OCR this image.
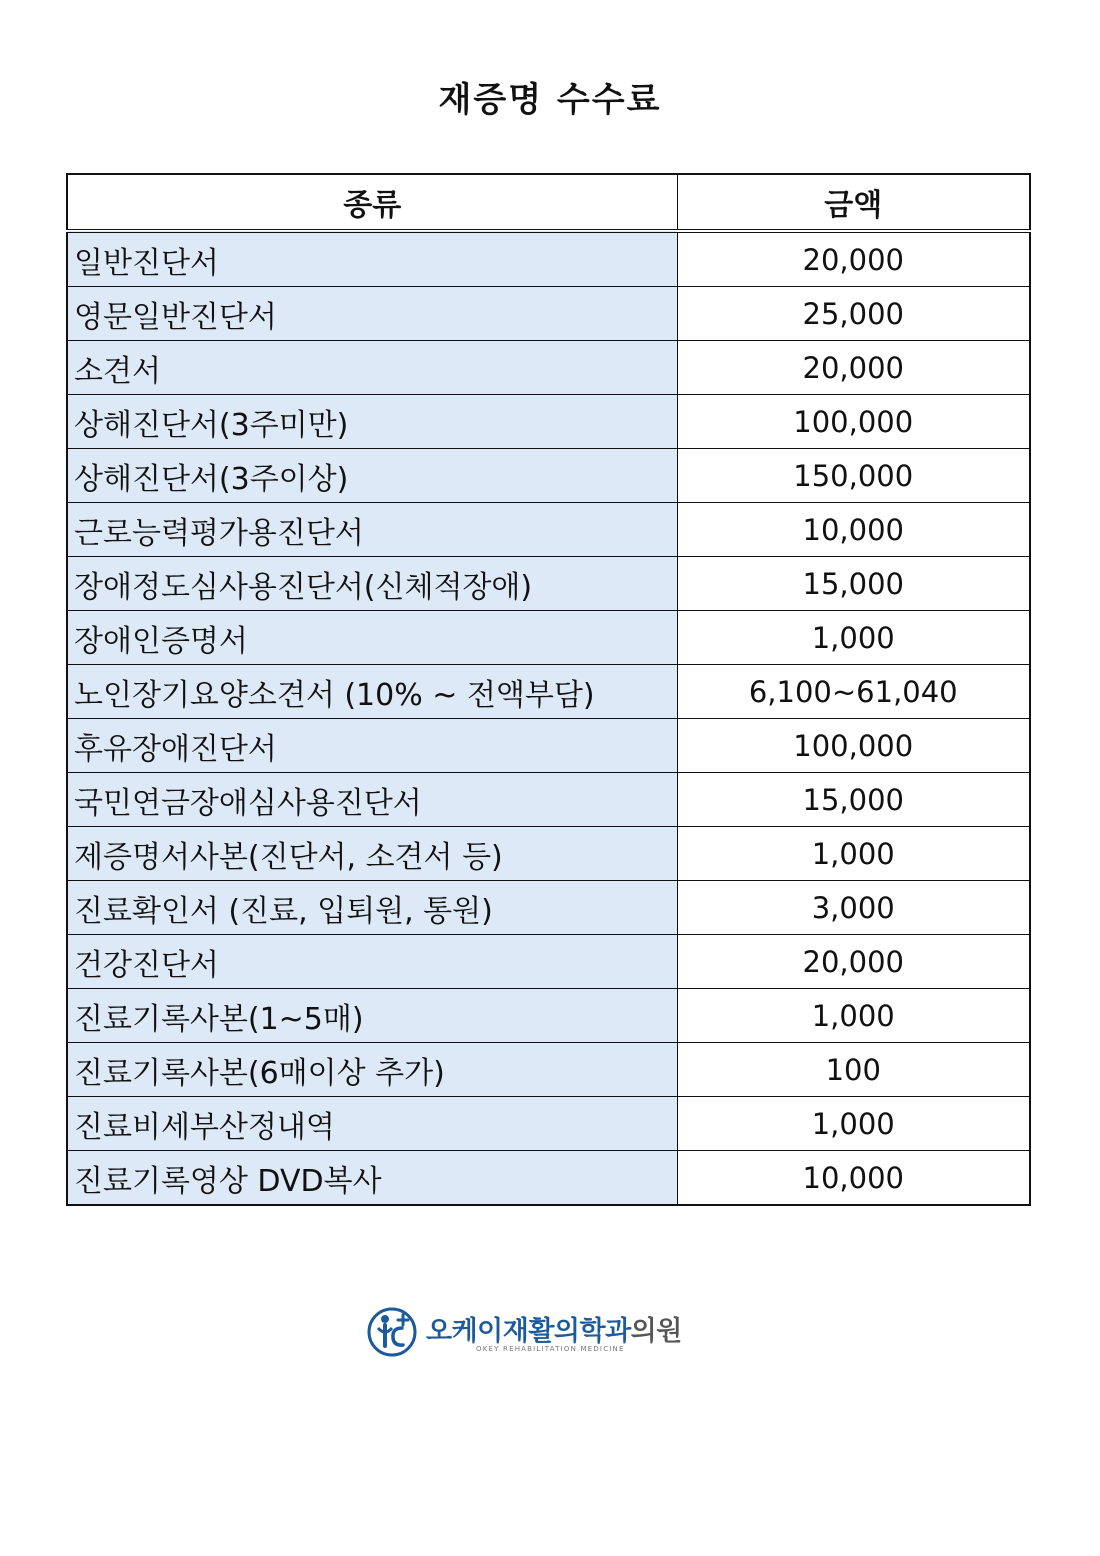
재증명 수수료
종류	금액
일반진단서	20,000
영문일반진단서	25,000
소견서	20,000
상해진단서(3주미만)	100,000
상해진단서(3주이상)	150,000
근로능력평가용진단서	10,000
장애정도심사용진단서(신체적장애)	15,000
장애인증명서	1,000
노인장기요양소견서 (10% ~ 전액부담)	6,100~61,040
후유장애진단서	100,000
국민연금장애심사용진단서	15,000
제증명서사본(진단서, 소견서 등)	1,000
진료확인서 (진료, 입퇴원, 통원)	3,000
건강진단서	20,000
진료기록사본(1~5매)	1,000
진료기록사본(6매이상 추가)	100
진료비세부산정내역	1,000
진료기록영상 DVD복사	10,000
오케이재활의학과의원
OKEY REHABILITATION MEDICINE
